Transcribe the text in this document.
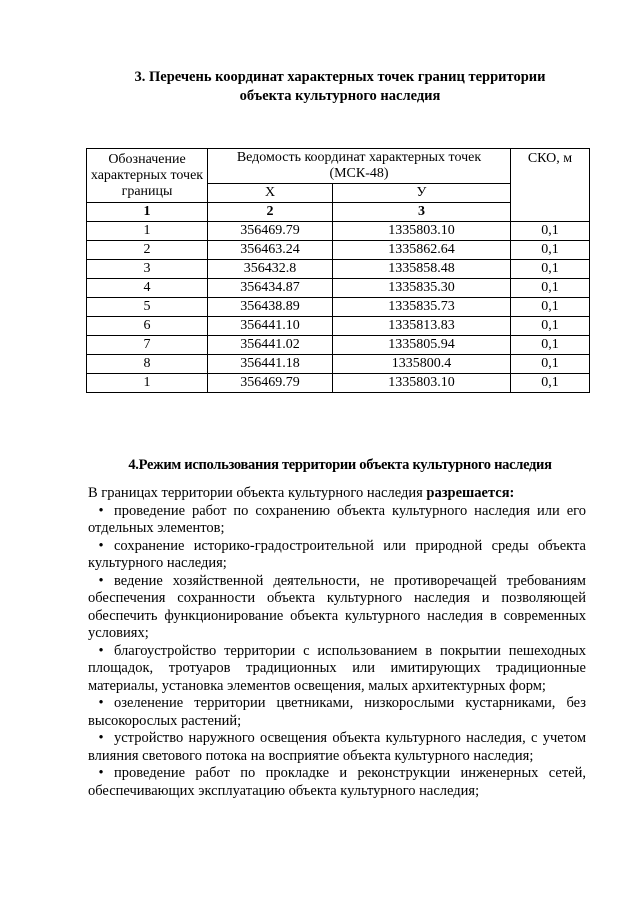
3. Перечень координат характерных точек границ территории
объекта культурного наследия
Обозначение характерных точек границы	Ведомость координат характерных точек (МСК-48)		СКО, м
	Х	У	
1	2	3	
1	356469.79	1335803.10	0,1
2	356463.24	1335862.64	0,1
3	356432.8	1335858.48	0,1
4	356434.87	1335835.30	0,1
5	356438.89	1335835.73	0,1
6	356441.10	1335813.83	0,1
7	356441.02	1335805.94	0,1
8	356441.18	1335800.4	0,1
1	356469.79	1335803.10	0,1
4.Режим использования территории объекта культурного наследия

В границах территории объекта культурного наследия разрешается:

• проведение работ по сохранению объекта культурного наследия или его отдельных элементов;

• сохранение историко-градостроительной или природной среды объекта культурного наследия;

• ведение хозяйственной деятельности, не противоречащей требованиям обеспечения сохранности объекта культурного наследия и позволяющей обеспечить функционирование объекта культурного наследия в современных условиях;

• благоустройство территории с использованием в покрытии пешеходных площадок, тротуаров традиционных или имитирующих традиционные материалы, установка элементов освещения, малых архитектурных форм;

• озеленение территории цветниками, низкорослыми кустарниками, без высокорослых растений;

• устройство наружного освещения объекта культурного наследия, с учетом влияния светового потока на восприятие объекта культурного наследия;

• проведение работ по прокладке и реконструкции инженерных сетей, обеспечивающих эксплуатацию объекта культурного наследия;
